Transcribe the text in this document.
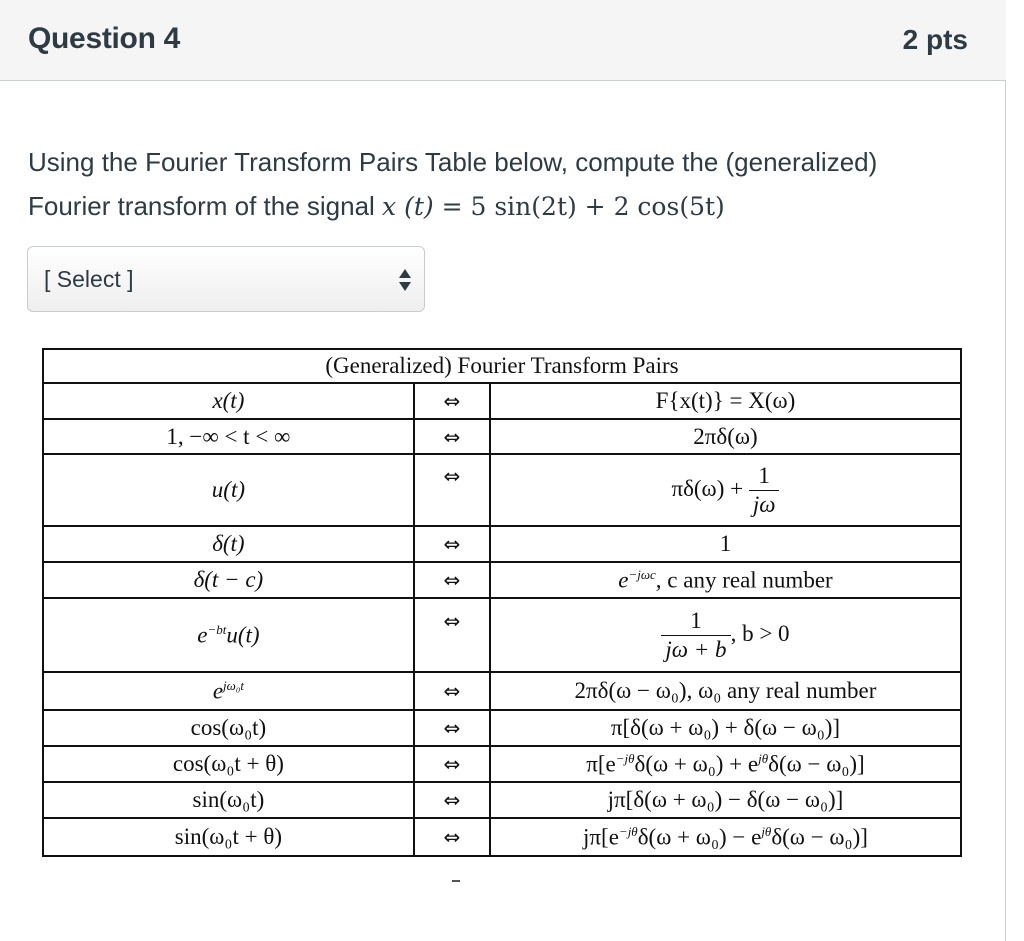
Question 4	2 pts
Using the Fourier Transform Pairs Table below, compute the (generalized)
Fourier transform of the signal x (t) = 5 sin(2t) + 2 cos(5t)
[ Select ]
(Generalized) Fourier Transform Pairs		
x(t)	⇔	F{x(t)} = X(ω)
1, −∞ < t < ∞	⇔	2πδ(ω)
u(t)	⇔	$\pi\delta(\omega) + \frac{1}{j\omega}$

δ(t)	⇔	1
δ(t − c)	⇔	$e^{-j\omega c}$, c any real number
$e^{-bt}u(t)$	⇔	$\frac{1}{j\omega + b}$ , b > 0
$e^{j\omega_0t}$	⇔	2πδ(ω − ω₀), ω₀ any real number
cos(ω₀t)	⇔	π[δ(ω + ω₀) + δ(ω − ω₀)]
cos(ω₀t + θ)	⇔	$\pi[e^{-j\theta}\delta(\omega + \omega_0) + e^{j\theta}\delta(\omega - \omega_0)]$
sin(ω₀t)	⇔	jπ[δ(ω + ω₀) − δ(ω − ω₀)]
sin(ω₀t + θ)	⇔	$j\pi[e^{-j\theta}\delta(\omega + \omega_0) - e^{j\theta}\delta(\omega - \omega_0)]$
